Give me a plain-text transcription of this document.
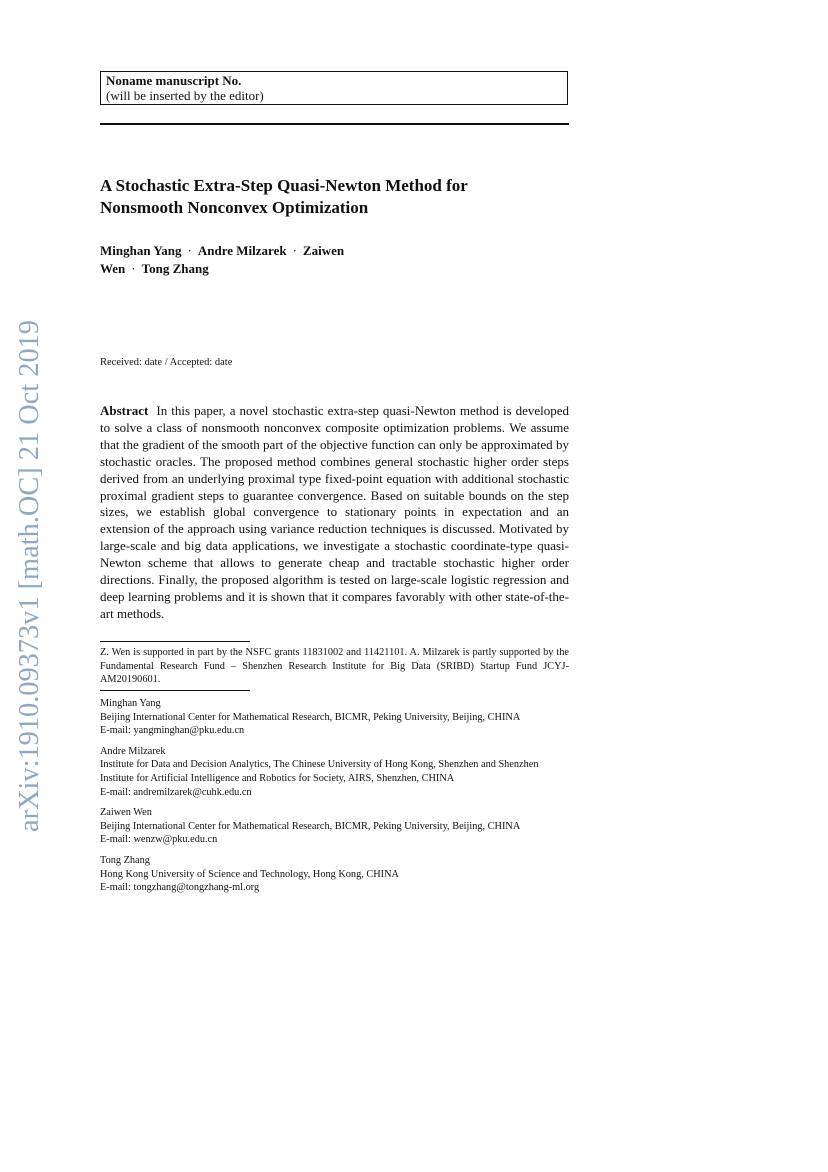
arXiv:1910.09373v1 [math.OC] 21 Oct 2019
Noname manuscript No.
(will be inserted by the editor)
A Stochastic Extra-Step Quasi-Newton Method for
Nonsmooth Nonconvex Optimization
Minghan Yang · Andre Milzarek · Zaiwen
Wen · Tong Zhang
Received: date / Accepted: date

Abstract In this paper, a novel stochastic extra-step quasi-Newton method is developed to solve a class of nonsmooth nonconvex composite optimization problems. We assume that the gradient of the smooth part of the objective function can only be approximated by stochastic oracles. The proposed method combines general stochastic higher order steps derived from an underlying proximal type fixed-point equation with additional stochastic proximal gradient steps to guarantee convergence. Based on suitable bounds on the step sizes, we establish global convergence to stationary points in expectation and an extension of the approach using variance reduction techniques is discussed. Motivated by large-scale and big data applications, we investigate a stochastic coordinate-type quasi-Newton scheme that allows to generate cheap and tractable stochastic higher order directions. Finally, the proposed algorithm is tested on large-scale logistic regression and deep learning problems and it is shown that it compares favorably with other state-of-the-art methods.

Z. Wen is supported in part by the NSFC grants 11831002 and 11421101. A. Milzarek is partly supported by the Fundamental Research Fund – Shenzhen Research Institute for Big Data (SRIBD) Startup Fund JCYJ-AM20190601.

Minghan Yang
Beijing International Center for Mathematical Research, BICMR, Peking University, Beijing, CHINA
E-mail: yangminghan@pku.edu.cn
Andre Milzarek
Institute for Data and Decision Analytics, The Chinese University of Hong Kong, Shenzhen and Shenzhen
Institute for Artificial Intelligence and Robotics for Society, AIRS, Shenzhen, CHINA
E-mail: andremilzarek@cuhk.edu.cn
Zaiwen Wen
Beijing International Center for Mathematical Research, BICMR, Peking University, Beijing, CHINA
E-mail: wenzw@pku.edu.cn
Tong Zhang
Hong Kong University of Science and Technology, Hong Kong, CHINA
E-mail: tongzhang@tongzhang-ml.org
